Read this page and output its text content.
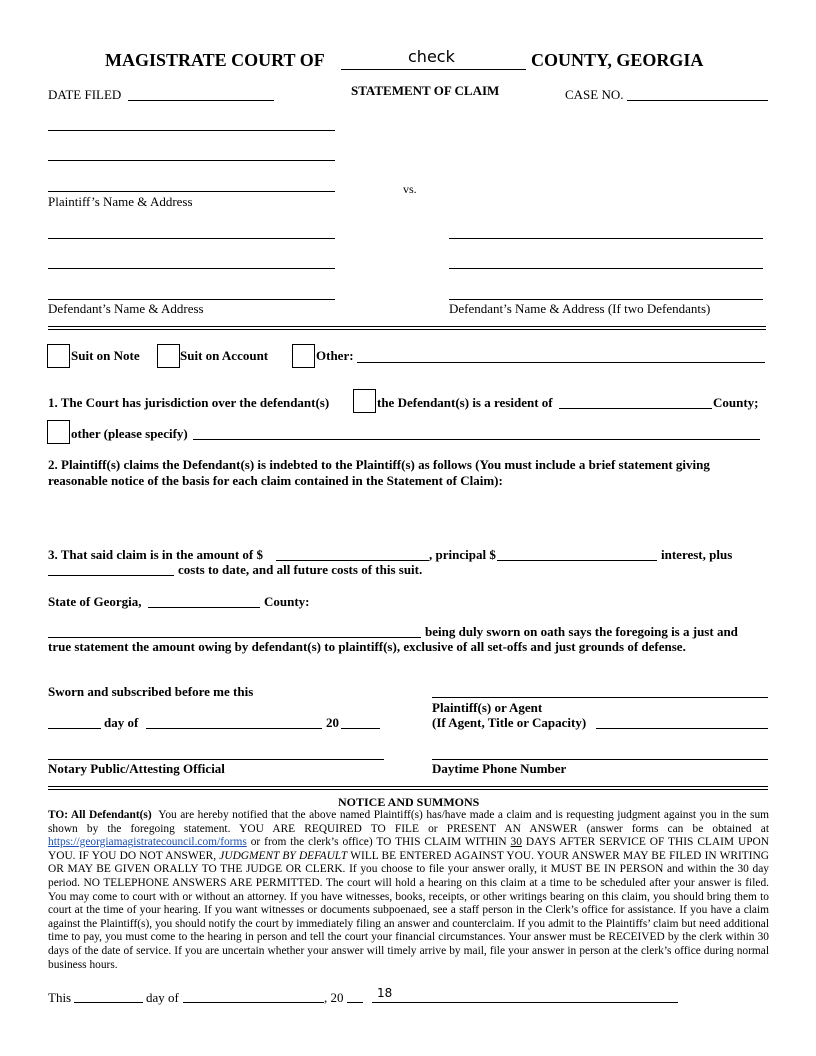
MAGISTRATE COURT OF	check	COUNTY, GEORGIA
DATE FILED	STATEMENT OF CLAIM	CASE NO.
vs.
Plaintiff’s Name & Address
Defendant’s Name & Address	Defendant’s Name & Address (If two Defendants)
Suit on Note	Suit on Account	Other:
1. The Court has jurisdiction over the defendant(s)	the Defendant(s) is a resident of	County;
other (please specify)
2. Plaintiff(s) claims the Defendant(s) is indebted to the Plaintiff(s) as follows (You must include a brief statement giving reasonable notice of the basis for each claim contained in the Statement of Claim):
3. That said claim is in the amount of $	, principal $	interest, plus
costs to date, and all future costs of this suit.
State of Georgia,	County:
being duly sworn on oath says the foregoing is a just and
true statement the amount owing by defendant(s) to plaintiff(s), exclusive of all set-offs and just grounds of defense.
Sworn and subscribed before me this
Plaintiff(s) or Agent
day of	20	(If Agent, Title or Capacity)
Notary Public/Attesting Official	Daytime Phone Number
NOTICE AND SUMMONS
TO: All Defendant(s) You are hereby notified that the above named Plaintiff(s) has/have made a claim and is requesting judgment against you in the sum shown by the foregoing statement. YOU ARE REQUIRED TO FILE or PRESENT AN ANSWER (answer forms can be obtained at https://georgiamagistratecouncil.com/forms or from the clerk’s office) TO THIS CLAIM WITHIN 30 DAYS AFTER SERVICE OF THIS CLAIM UPON YOU. IF YOU DO NOT ANSWER, JUDGMENT BY DEFAULT WILL BE ENTERED AGAINST YOU. YOUR ANSWER MAY BE FILED IN WRITING OR MAY BE GIVEN ORALLY TO THE JUDGE OR CLERK. If you choose to file your answer orally, it MUST BE IN PERSON and within the 30 day period. NO TELEPHONE ANSWERS ARE PERMITTED. The court will hold a hearing on this claim at a time to be scheduled after your answer is filed. You may come to court with or without an attorney. If you have witnesses, books, receipts, or other writings bearing on this claim, you should bring them to court at the time of your hearing. If you want witnesses or documents subpoenaed, see a staff person in the Clerk’s office for assistance. If you have a claim against the Plaintiff(s), you should notify the court by immediately filing an answer and counterclaim. If you admit to the Plaintiffs’ claim but need additional time to pay, you must come to the hearing in person and tell the court your financial circumstances. Your answer must be RECEIVED by the clerk within 30 days of the date of service. If you are uncertain whether your answer will timely arrive by mail, file your answer in person at the clerk’s office during normal business hours.
This	day of	, 20	18
